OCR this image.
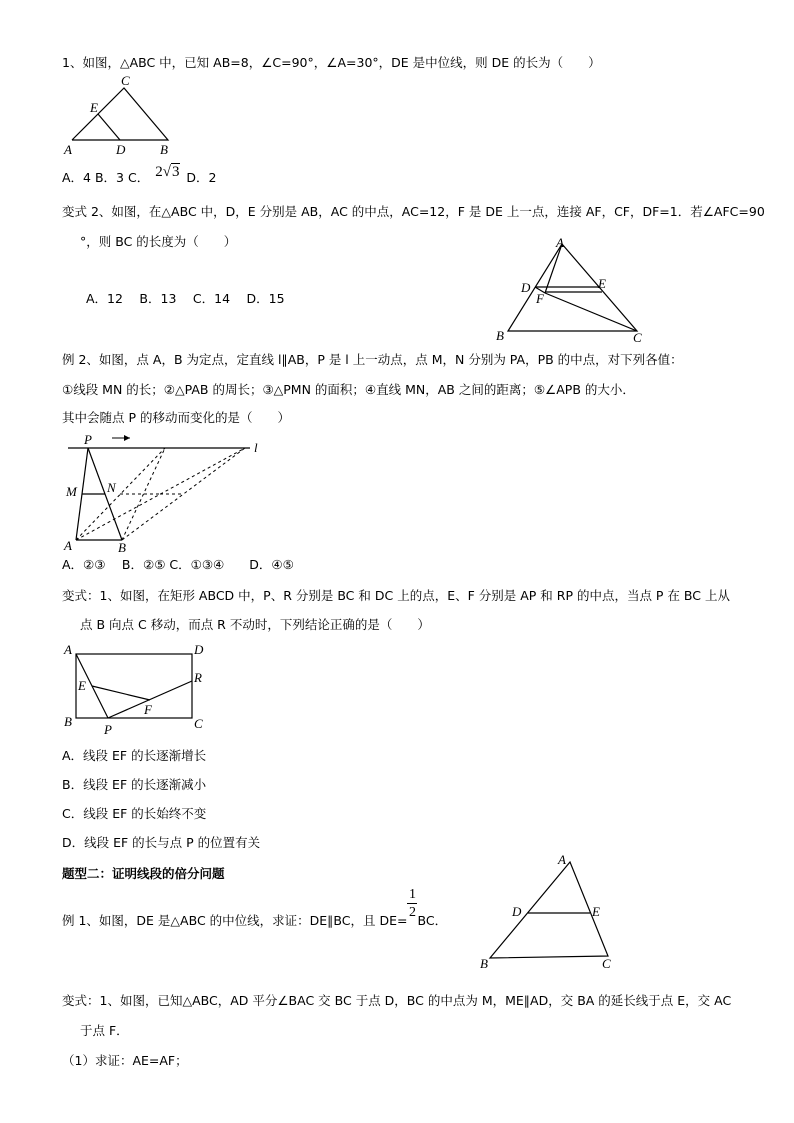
1、如图，△ABC 中，已知 AB=8，∠C=90°，∠A=30°，DE 是中位线，则 DE 的长为（　　）
C
E
A	D	B
A．4 B．3 C． 2√3 D．2
变式 2、如图，在△ABC 中，D，E 分别是 AB，AC 的中点，AC=12，F 是 DE 上一点，连接 AF，CF，DF=1．若∠AFC=90
°，则 BC 的长度为（　　）
A．12　 B．13　 C．14　 D．15
A
D	E
F
B	C
例 2、如图，点 A，B 为定点，定直线 l∥AB，P 是 l 上一动点，点 M，N 分别为 PA，PB 的中点，对下列各值：
①线段 MN 的长；②△PAB 的周长；③△PMN 的面积；④直线 MN，AB 之间的距离；⑤∠APB 的大小．
其中会随点 P 的移动而变化的是（　　）
P
l
M N
A	B
A．②③　 B．②⑤ C．①③④　　D．④⑤
变式：1、如图，在矩形 ABCD 中，P、R 分别是 BC 和 DC 上的点，E、F 分别是 AP 和 RP 的中点，当点 P 在 BC 上从
点 B 向点 C 移动，而点 R 不动时，下列结论正确的是（　　）
A	D
E
R
F
B
P	C
A．线段 EF 的长逐渐增长
B．线段 EF 的长逐渐减小
C．线段 EF 的长始终不变
D．线段 EF 的长与点 P 的位置有关
题型二：证明线段的倍分问题
例 1、如图，DE 是△ABC 的中位线，求证：DE∥BC，且 $DE= \frac{1}{2}$ BC．
A
D	E
B	C
变式：1、如图，已知△ABC，AD 平分∠BAC 交 BC 于点 D，BC 的中点为 M，ME∥AD，交 BA 的延长线于点 E，交 AC
于点 F．
（1）求证：AE=AF；
